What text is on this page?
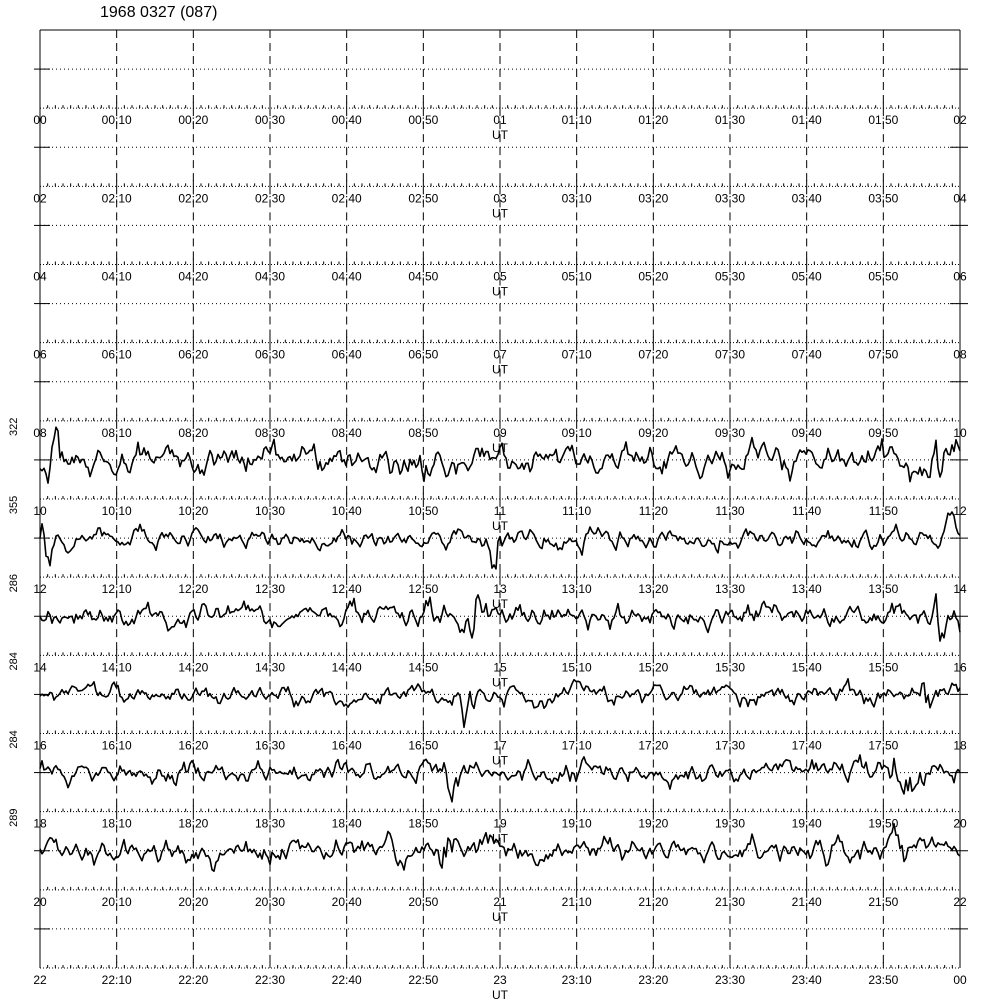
1968 0327 (087)
00	00:10	00:20	00:30	00:40	00:50	01	01:10	01:20	01:30	01:40	01:50	02
UT
02	02:10	02:20	02:30	02:40	02:50	03	03:10	03:20	03:30	03:40	03:50	04
UT
04	04:10	04:20	04:30	04:40	04:50	05	05:10	05:20	05:30	05:40	05:50	06
UT
06	06:10	06:20	06:30	06:40	06:50	07	07:10	07:20	07:30	07:40	07:50	08
UT
08	08:10	08:20	08:30	08:40	08:50	09	09:10	09:20	09:30	09:40	09:50	10
UT
322
10	10:10	10:20	10:30	10:40	10:50	11	11:10	11:20	11:30	11:40	11:50	12
UT
355
12	12:10	12:20	12:30	12:40	12:50	13	13:10	13:20	13:30	13:40	13:50	14
UT
286
14	14:10	14:20	14:30	14:40	14:50	15	15:10	15:20	15:30	15:40	15:50	16
UT
284
16	16:10	16:20	16:30	16:40	16:50	17	17:10	17:20	17:30	17:40	17:50	18
UT
284
18	18:10	18:20	18:30	18:40	18:50	19	19:10	19:20	19:30	19:40	19:50	20
UT
289
20	20:10	20:20	20:30	20:40	20:50	21	21:10	21:20	21:30	21:40	21:50	22
UT
22	22:10	22:20	22:30	22:40	22:50	23	23:10	23:20	23:30	23:40	23:50	00
UT
